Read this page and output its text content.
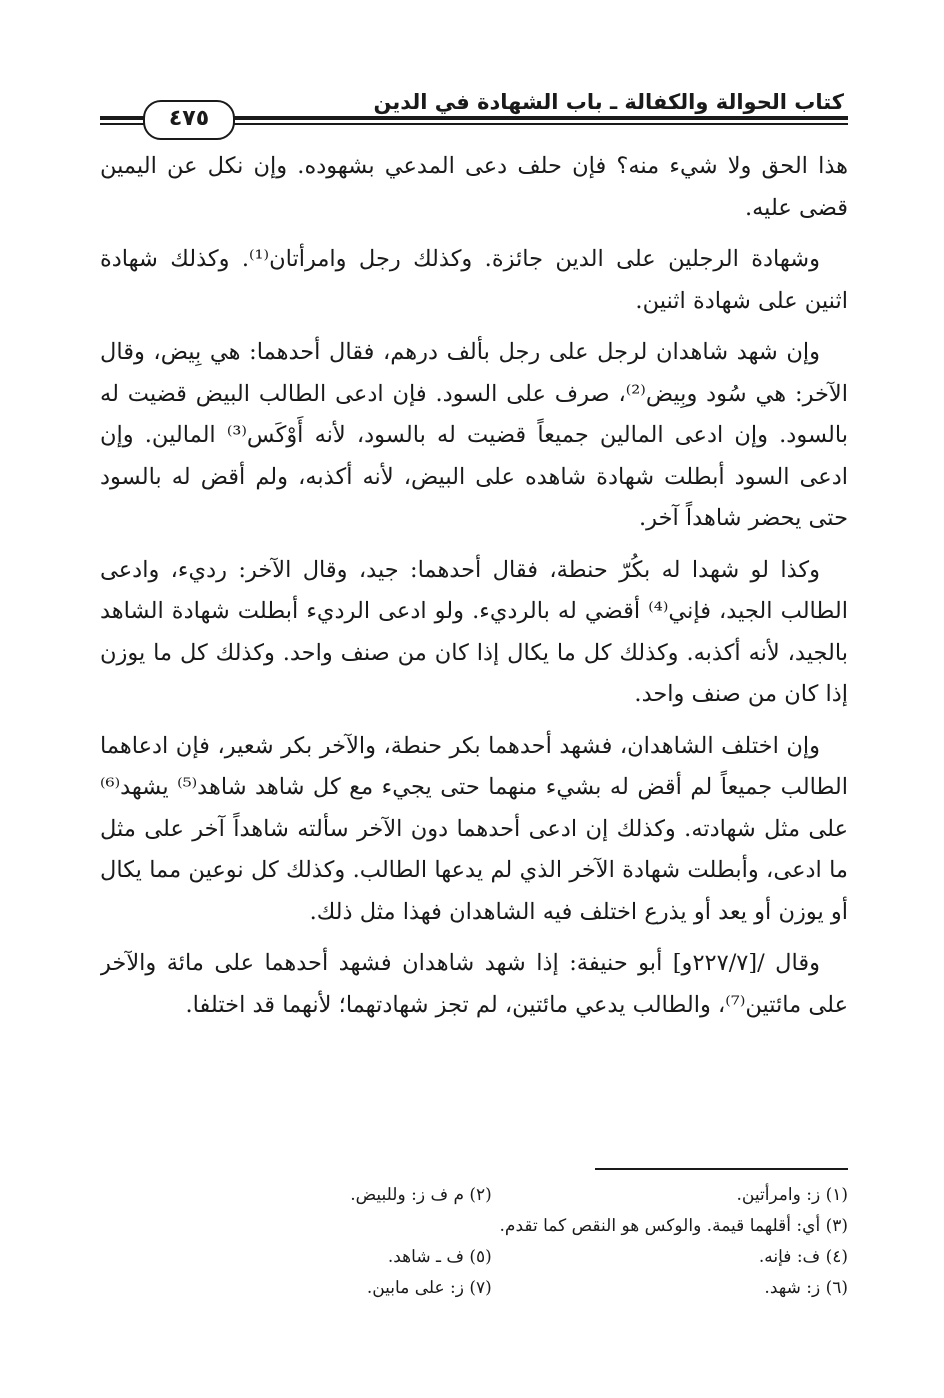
كتاب الحوالة والكفالة ـ باب الشهادة في الدين
٤٧٥

هذا الحق ولا شيء منه؟ فإن حلف دعى المدعي بشهوده. وإن نكل عن اليمين قضى عليه.

وشهادة الرجلين على الدين جائزة. وكذلك رجل وامرأتان⁽¹⁾. وكذلك شهادة اثنين على شهادة اثنين.

وإن شهد شاهدان لرجل على رجل بألف درهم، فقال أحدهما: هي بِيض، وقال الآخر: هي سُود وبِيض⁽²⁾، صرف على السود. فإن ادعى الطالب البيض قضيت له بالسود. وإن ادعى المالين جميعاً قضيت له بالسود، لأنه أَوْكَس⁽³⁾ المالين. وإن ادعى السود أبطلت شهادة شاهده على البيض، لأنه أكذبه، ولم أقض له بالسود حتى يحضر شاهداً آخر.

وكذا لو شهدا له بكُرّ حنطة، فقال أحدهما: جيد، وقال الآخر: رديء، وادعى الطالب الجيد، فإني⁽⁴⁾ أقضي له بالرديء. ولو ادعى الرديء أبطلت شهادة الشاهد بالجيد، لأنه أكذبه. وكذلك كل ما يكال إذا كان من صنف واحد. وكذلك كل ما يوزن إذا كان من صنف واحد.

وإن اختلف الشاهدان، فشهد أحدهما بكر حنطة، والآخر بكر شعير، فإن ادعاهما الطالب جميعاً لم أقض له بشيء منهما حتى يجيء مع كل شاهد شاهد⁽⁵⁾ يشهد⁽⁶⁾ على مثل شهادته. وكذلك إن ادعى أحدهما دون الآخر سألته شاهداً آخر على مثل ما ادعى، وأبطلت شهادة الآخر الذي لم يدعها الطالب. وكذلك كل نوعين مما يكال أو يوزن أو يعد أو يذرع اختلف فيه الشاهدان فهذا مثل ذلك.

وقال /[٢٢٧/٧و] أبو حنيفة: إذا شهد شاهدان فشهد أحدهما على مائة والآخر على مائتين⁽⁷⁾، والطالب يدعي مائتين، لم تجز شهادتهما؛ لأنهما قد اختلفا.

(١) ز: وامرأتين.
(٢) م ف ز: وللبيض.
(٣) أي: أقلهما قيمة. والوكس هو النقص كما تقدم.
(٤) ف: فإنه.
(٥) ف ـ شاهد.
(٦) ز: شهد.
(٧) ز: على مابين.
